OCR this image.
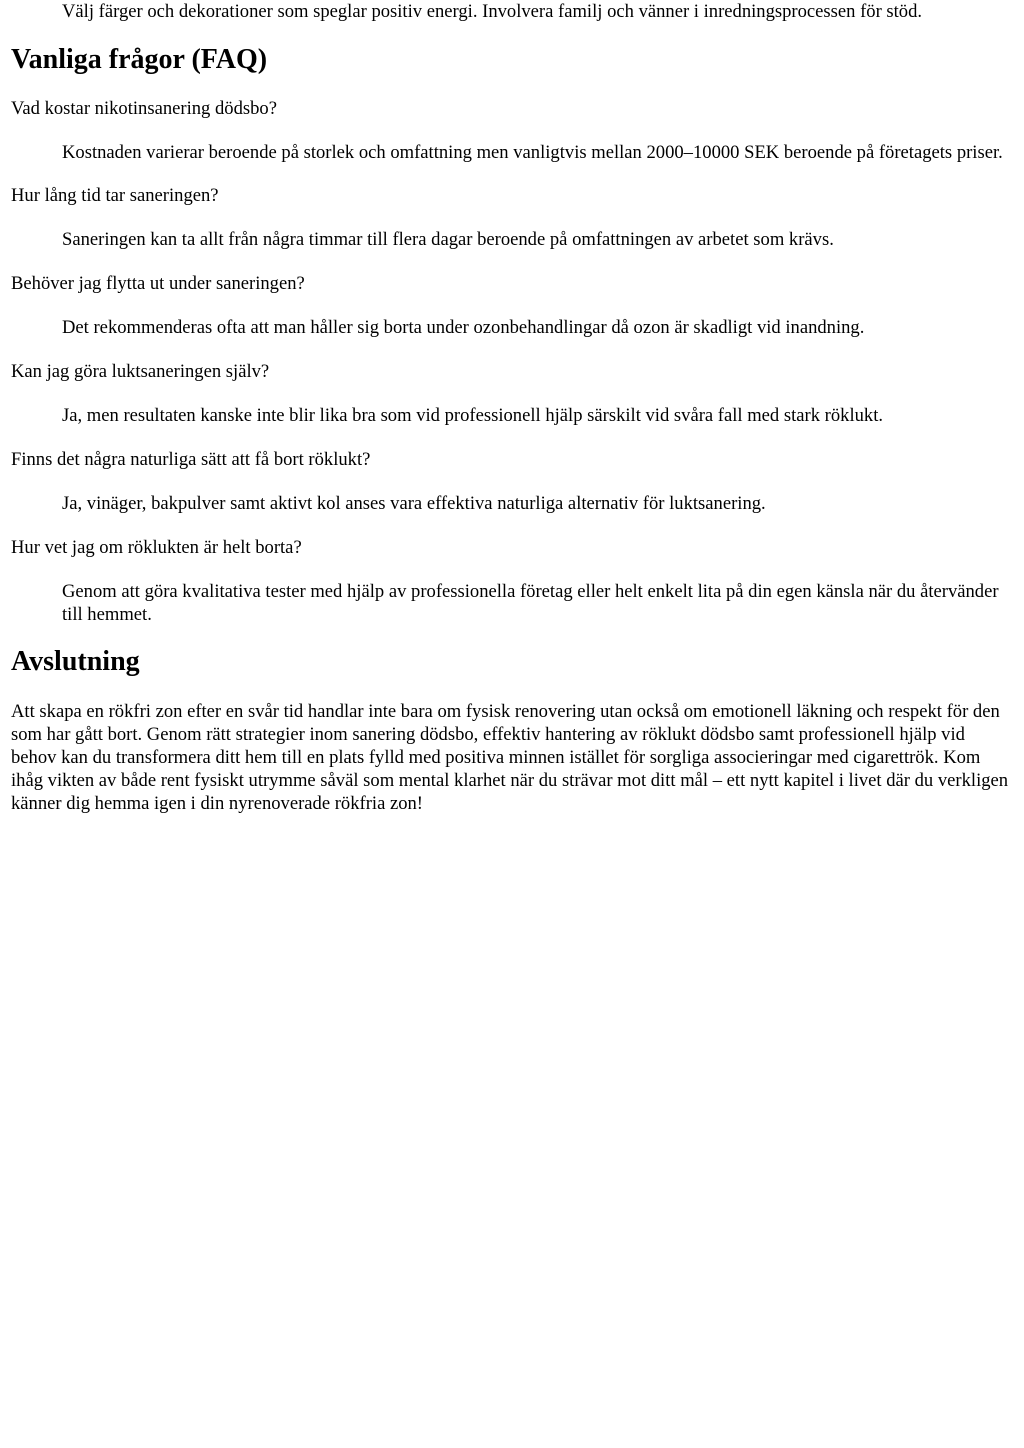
Välj färger och dekorationer som speglar positiv energi. Involvera familj och vänner i inredningsprocessen för stöd.

Vanliga frågor (FAQ)
Vad kostar nikotinsanering dödsbo?
Kostnaden varierar beroende på storlek och omfattning men vanligtvis mellan 2000–10000 SEK beroende på företagets priser.
Hur lång tid tar saneringen?
Saneringen kan ta allt från några timmar till flera dagar beroende på omfattningen av arbetet som krävs.
Behöver jag flytta ut under saneringen?
Det rekommenderas ofta att man håller sig borta under ozonbehandlingar då ozon är skadligt vid inandning.
Kan jag göra luktsaneringen själv?
Ja, men resultaten kanske inte blir lika bra som vid professionell hjälp särskilt vid svåra fall med stark röklukt.
Finns det några naturliga sätt att få bort röklukt?
Ja, vinäger, bakpulver samt aktivt kol anses vara effektiva naturliga alternativ för luktsanering.
Hur vet jag om röklukten är helt borta?
Genom att göra kvalitativa tester med hjälp av professionella företag eller helt enkelt lita på din egen känsla när du återvänder till hemmet.
Avslutning

Att skapa en rökfri zon efter en svår tid handlar inte bara om fysisk renovering utan också om emotionell läkning och respekt för den som har gått bort. Genom rätt strategier inom sanering dödsbo, effektiv hantering av röklukt dödsbo samt professionell hjälp vid behov kan du transformera ditt hem till en plats fylld med positiva minnen istället för sorgliga associeringar med cigarettrök. Kom ihåg vikten av både rent fysiskt utrymme såväl som mental klarhet när du strävar mot ditt mål – ett nytt kapitel i livet där du verkligen känner dig hemma igen i din nyrenoverade rökfria zon!
